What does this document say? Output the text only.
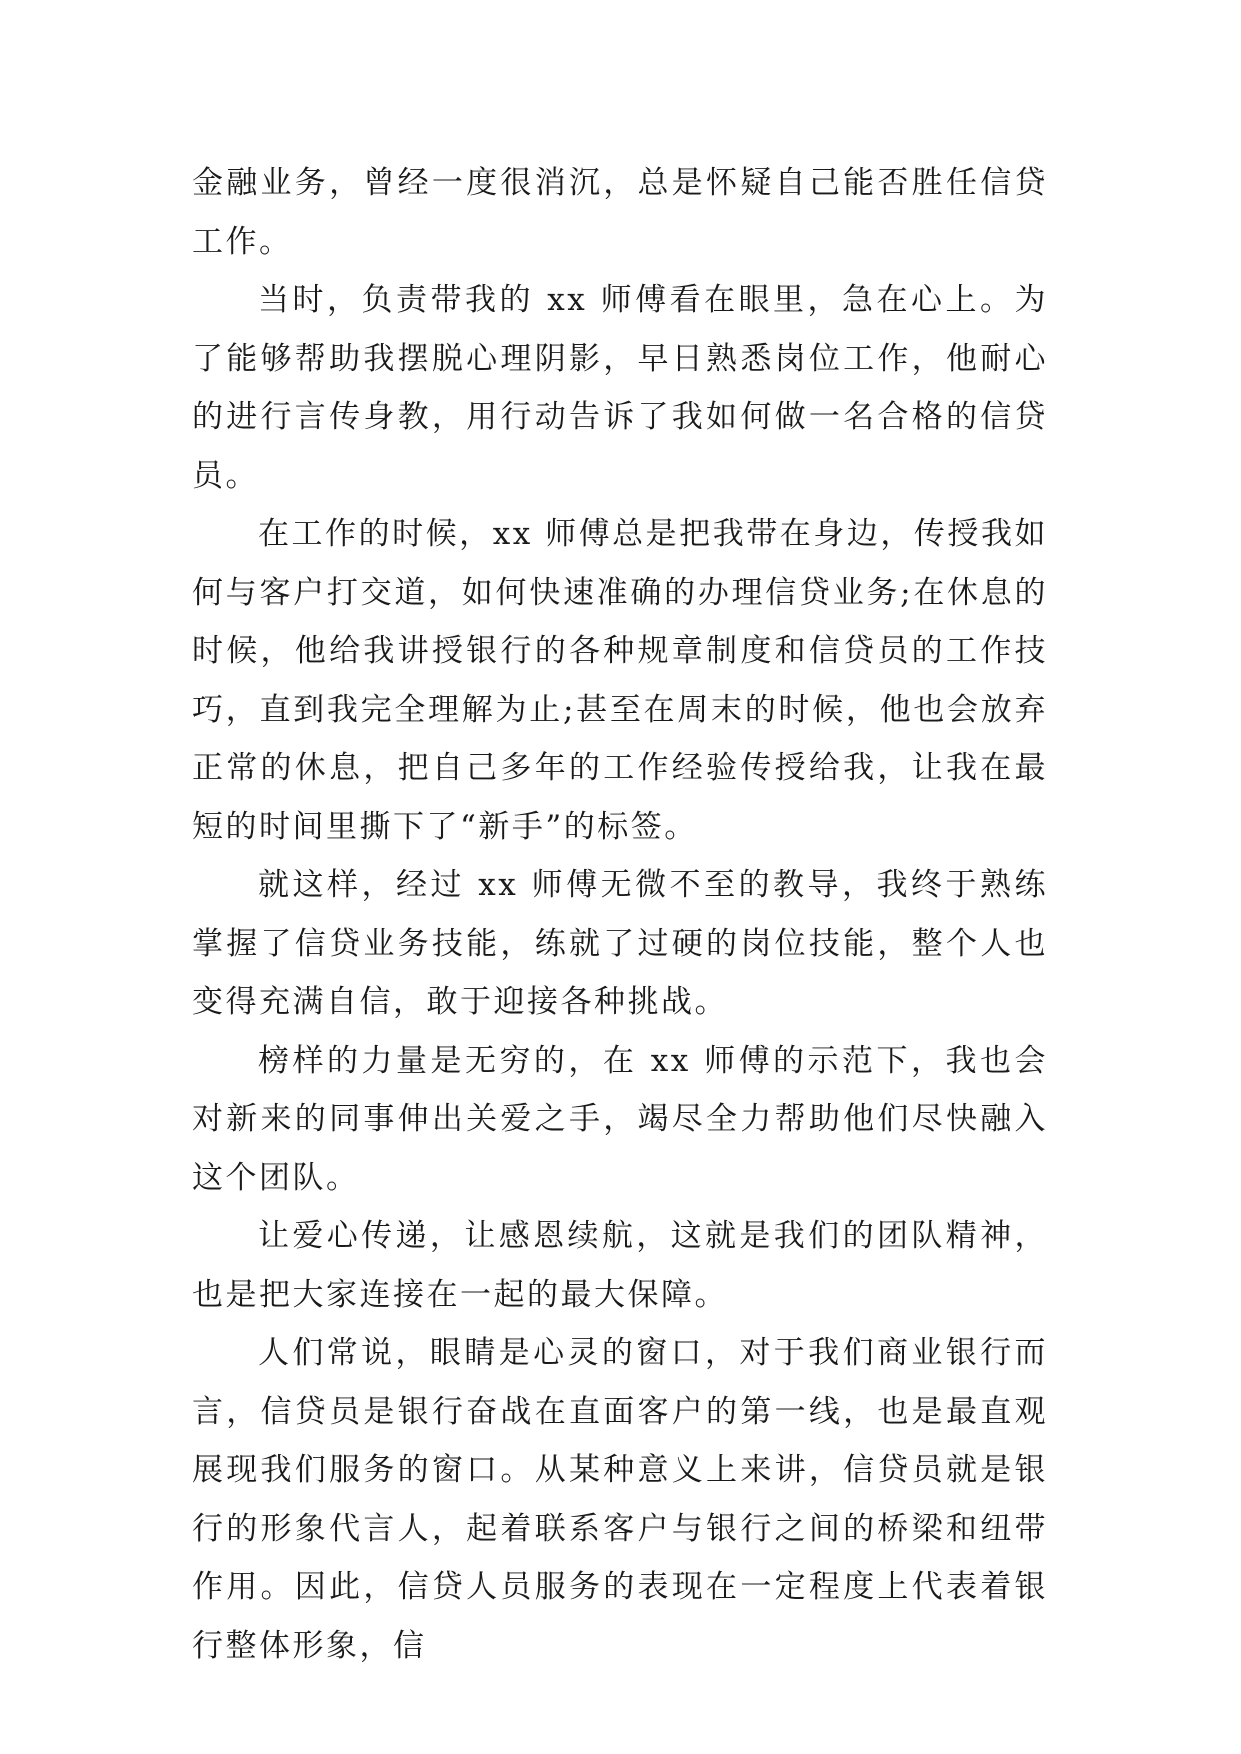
金融业务，曾经一度很消沉，总是怀疑自己能否胜任信贷工作。

当时，负责带我的 xx 师傅看在眼里，急在心上。为了能够帮助我摆脱心理阴影，早日熟悉岗位工作，他耐心的进行言传身教，用行动告诉了我如何做一名合格的信贷员。

在工作的时候，xx 师傅总是把我带在身边，传授我如何与客户打交道，如何快速准确的办理信贷业务;在休息的时候，他给我讲授银行的各种规章制度和信贷员的工作技巧，直到我完全理解为止;甚至在周末的时候，他也会放弃正常的休息，把自己多年的工作经验传授给我，让我在最短的时间里撕下了“新手”的标签。

就这样，经过 xx 师傅无微不至的教导，我终于熟练掌握了信贷业务技能，练就了过硬的岗位技能，整个人也变得充满自信，敢于迎接各种挑战。

榜样的力量是无穷的，在 xx 师傅的示范下，我也会对新来的同事伸出关爱之手，竭尽全力帮助他们尽快融入这个团队。

让爱心传递，让感恩续航，这就是我们的团队精神，也是把大家连接在一起的最大保障。

人们常说，眼睛是心灵的窗口，对于我们商业银行而言，信贷员是银行奋战在直面客户的第一线，也是最直观展现我们服务的窗口。从某种意义上来讲，信贷员就是银行的形象代言人，起着联系客户与银行之间的桥梁和纽带作用。因此，信贷人员服务的表现在一定程度上代表着银行整体形象，信
